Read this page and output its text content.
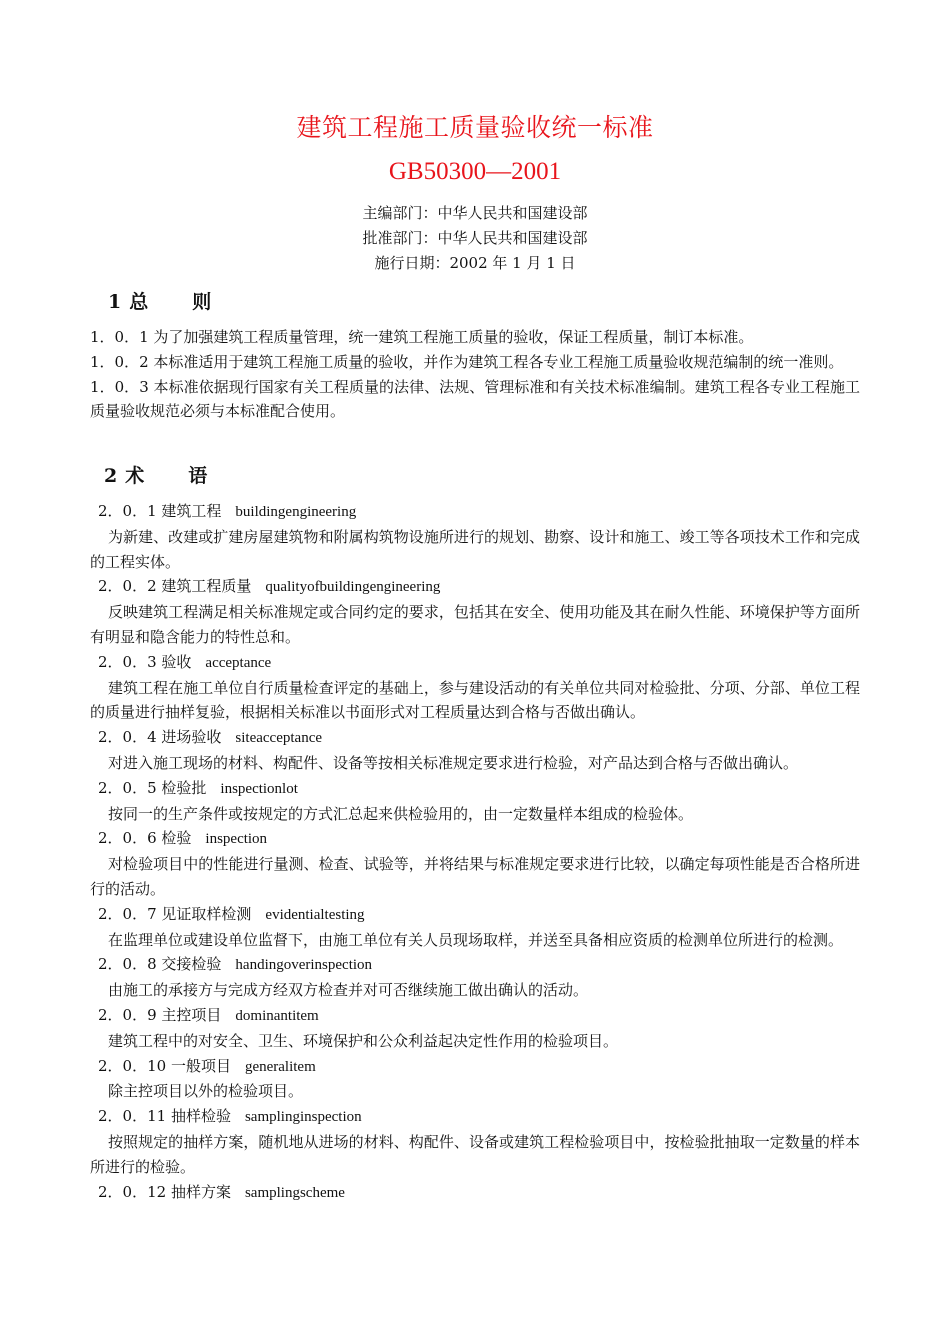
建筑工程施工质量验收统一标准
GB50300—2001
主编部门：中华人民共和国建设部
批准部门：中华人民共和国建设部
施行日期：2002 年 1 月 1 日
1 总 则

1．0．1 为了加强建筑工程质量管理，统一建筑工程施工质量的验收，保证工程质量，制订本标准。

1．0．2 本标准适用于建筑工程施工质量的验收，并作为建筑工程各专业工程施工质量验收规范编制的统一准则。

1．0．3 本标准依据现行国家有关工程质量的法律、法规、管理标准和有关技术标准编制。建筑工程各专业工程施工质量验收规范必须与本标准配合使用。

2 术 语

2．0．1 建筑工程 buildingengineering

为新建、改建或扩建房屋建筑物和附属构筑物设施所进行的规划、勘察、设计和施工、竣工等各项技术工作和完成的工程实体。

2．0．2 建筑工程质量 qualityofbuildingengineering

反映建筑工程满足相关标准规定或合同约定的要求，包括其在安全、使用功能及其在耐久性能、环境保护等方面所有明显和隐含能力的特性总和。

2．0．3 验收 acceptance

建筑工程在施工单位自行质量检查评定的基础上，参与建设活动的有关单位共同对检验批、分项、分部、单位工程的质量进行抽样复验，根据相关标准以书面形式对工程质量达到合格与否做出确认。

2．0．4 进场验收 siteacceptance

对进入施工现场的材料、构配件、设备等按相关标准规定要求进行检验，对产品达到合格与否做出确认。

2．0．5 检验批 inspectionlot

按同一的生产条件或按规定的方式汇总起来供检验用的，由一定数量样本组成的检验体。

2．0．6 检验 inspection

对检验项目中的性能进行量测、检查、试验等，并将结果与标准规定要求进行比较，以确定每项性能是否合格所进行的活动。

2．0．7 见证取样检测 evidentialtesting

在监理单位或建设单位监督下，由施工单位有关人员现场取样，并送至具备相应资质的检测单位所进行的检测。

2．0．8 交接检验 handingoverinspection

由施工的承接方与完成方经双方检查并对可否继续施工做出确认的活动。

2．0．9 主控项目 dominantitem

建筑工程中的对安全、卫生、环境保护和公众利益起决定性作用的检验项目。

2．0．10 一般项目 generalitem

除主控项目以外的检验项目。

2．0．11 抽样检验 samplinginspection

按照规定的抽样方案，随机地从进场的材料、构配件、设备或建筑工程检验项目中，按检验批抽取一定数量的样本所进行的检验。

2．0．12 抽样方案 samplingscheme
